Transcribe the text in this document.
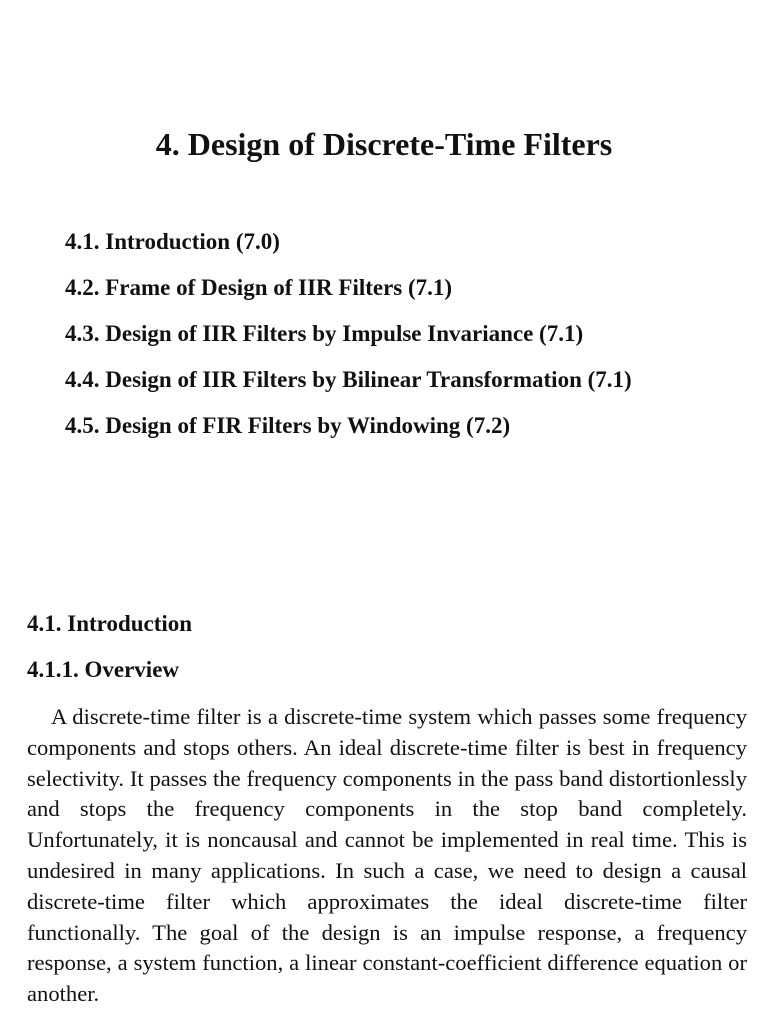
4. Design of Discrete-Time Filters
4.1. Introduction (7.0)
4.2. Frame of Design of IIR Filters (7.1)
4.3. Design of IIR Filters by Impulse Invariance (7.1)
4.4. Design of IIR Filters by Bilinear Transformation (7.1)
4.5. Design of FIR Filters by Windowing (7.2)
4.1. Introduction
4.1.1. Overview

A discrete-time filter is a discrete-time system which passes some frequency components and stops others. An ideal discrete-time filter is best in frequency selectivity. It passes the frequency components in the pass band distortionlessly and stops the frequency components in the stop band completely. Unfortunately, it is noncausal and cannot be implemented in real time. This is undesired in many applications. In such a case, we need to design a causal discrete-time filter which approximates the ideal discrete-time filter functionally. The goal of the design is an impulse response, a frequency response, a system function, a linear constant-coefficient difference equation or another.
